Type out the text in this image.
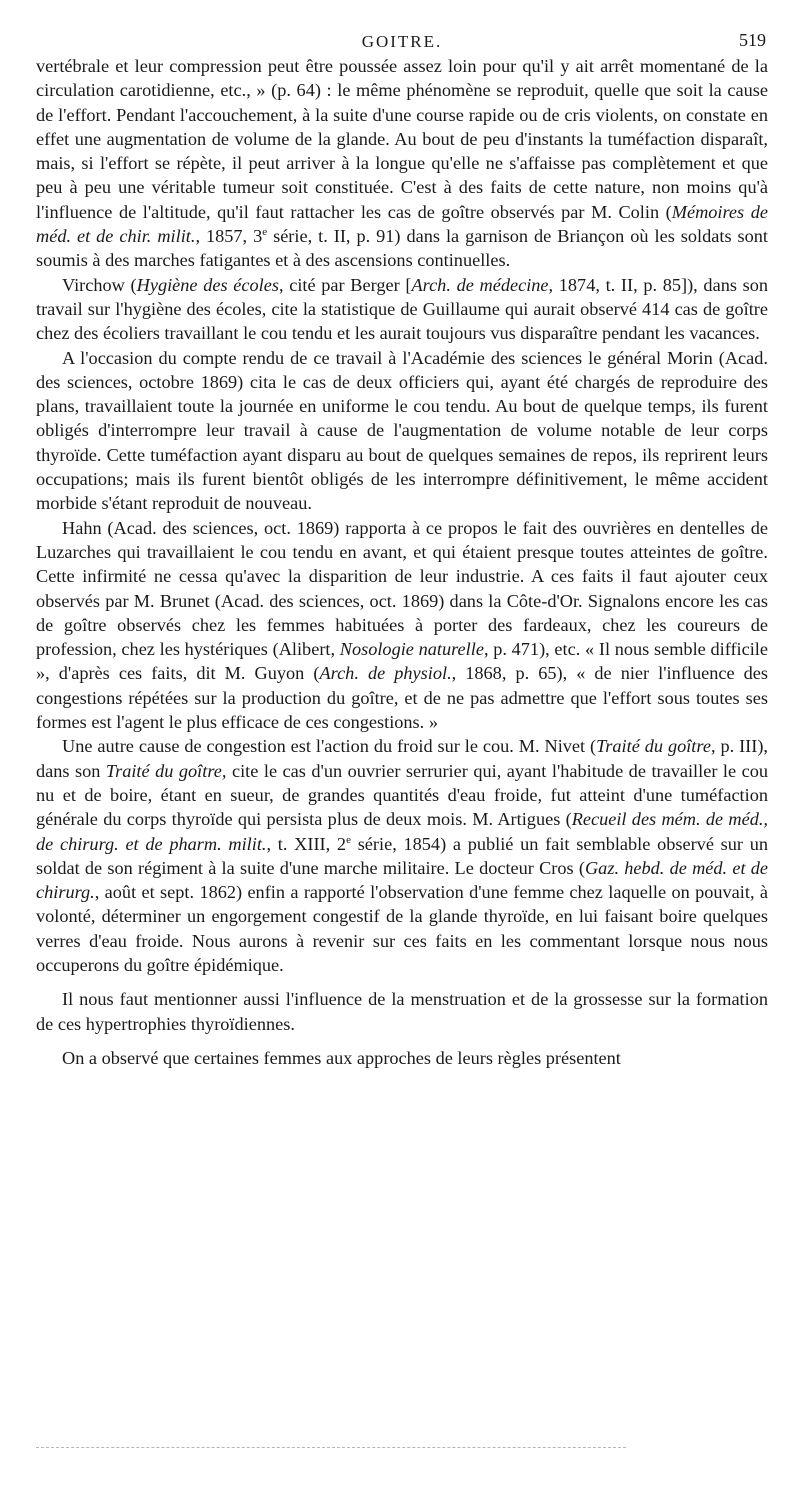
GOITRE.	519

vertébrale et leur compression peut être poussée assez loin pour qu'il y ait arrêt momentané de la circulation carotidienne, etc., » (p. 64) : le même phénomène se reproduit, quelle que soit la cause de l'effort. Pendant l'accouchement, à la suite d'une course rapide ou de cris violents, on constate en effet une augmentation de volume de la glande. Au bout de peu d'instants la tuméfaction disparaît, mais, si l'effort se répète, il peut arriver à la longue qu'elle ne s'affaisse pas complètement et que peu à peu une véritable tumeur soit constituée. C'est à des faits de cette nature, non moins qu'à l'influence de l'altitude, qu'il faut rattacher les cas de goître observés par M. Colin (Mémoires de méd. et de chir. milit., 1857, 3e série, t. II, p. 91) dans la garnison de Briançon où les soldats sont soumis à des marches fatigantes et à des ascensions continuelles.

Virchow (Hygiène des écoles, cité par Berger [Arch. de médecine, 1874, t. II, p. 85]), dans son travail sur l'hygiène des écoles, cite la statistique de Guillaume qui aurait observé 414 cas de goître chez des écoliers travaillant le cou tendu et les aurait toujours vus disparaître pendant les vacances.

A l'occasion du compte rendu de ce travail à l'Académie des sciences le général Morin (Acad. des sciences, octobre 1869) cita le cas de deux officiers qui, ayant été chargés de reproduire des plans, travaillaient toute la journée en uniforme le cou tendu. Au bout de quelque temps, ils furent obligés d'interrompre leur travail à cause de l'augmentation de volume notable de leur corps thyroïde. Cette tuméfaction ayant disparu au bout de quelques semaines de repos, ils reprirent leurs occupations; mais ils furent bientôt obligés de les interrompre définitivement, le même accident morbide s'étant reproduit de nouveau.

Hahn (Acad. des sciences, oct. 1869) rapporta à ce propos le fait des ouvrières en dentelles de Luzarches qui travaillaient le cou tendu en avant, et qui étaient presque toutes atteintes de goître. Cette infirmité ne cessa qu'avec la disparition de leur industrie. A ces faits il faut ajouter ceux observés par M. Brunet (Acad. des sciences, oct. 1869) dans la Côte-d'Or. Signalons encore les cas de goître observés chez les femmes habituées à porter des fardeaux, chez les coureurs de profession, chez les hystériques (Alibert, Nosologie naturelle, p. 471), etc. « Il nous semble difficile », d'après ces faits, dit M. Guyon (Arch. de physiol., 1868, p. 65), « de nier l'influence des congestions répétées sur la production du goître, et de ne pas admettre que l'effort sous toutes ses formes est l'agent le plus efficace de ces congestions. »

Une autre cause de congestion est l'action du froid sur le cou. M. Nivet (Traité du goître, p. III), dans son Traité du goître, cite le cas d'un ouvrier serrurier qui, ayant l'habitude de travailler le cou nu et de boire, étant en sueur, de grandes quantités d'eau froide, fut atteint d'une tuméfaction générale du corps thyroïde qui persista plus de deux mois. M. Artigues (Recueil des mém. de méd., de chirurg. et de pharm. milit., t. XIII, 2e série, 1854) a publié un fait semblable observé sur un soldat de son régiment à la suite d'une marche militaire. Le docteur Cros (Gaz. hebd. de méd. et de chirurg., août et sept. 1862) enfin a rapporté l'observation d'une femme chez laquelle on pouvait, à volonté, déterminer un engorgement congestif de la glande thyroïde, en lui faisant boire quelques verres d'eau froide. Nous aurons à revenir sur ces faits en les commentant lorsque nous nous occuperons du goître épidémique.

Il nous faut mentionner aussi l'influence de la menstruation et de la grossesse sur la formation de ces hypertrophies thyroïdiennes.

On a observé que certaines femmes aux approches de leurs règles présentent
